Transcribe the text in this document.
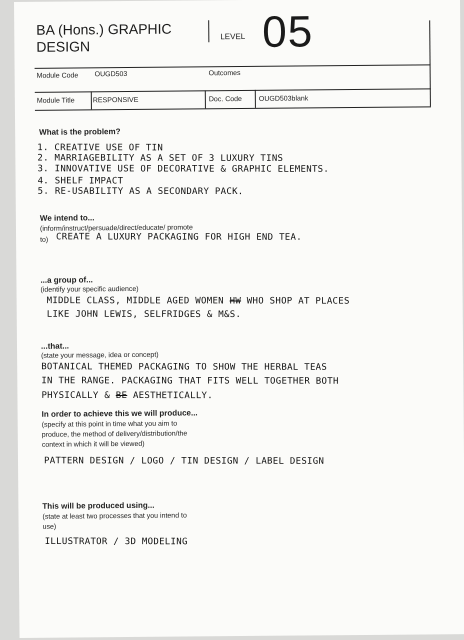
BA (Hons.) GRAPHIC
DESIGN
LEVEL 05
Module Code OUGD503	Outcomes
Module Title	RESPONSIVE	Doc. Code OUGD503blank
What is the problem?
1. CREATIVE USE OF TIN
2. MARRIAGEBILITY AS A SET OF 3 LUXURY TINS
3. INNOVATIVE USE OF DECORATIVE & GRAPHIC ELEMENTS.
4. SHELF IMPACT
5. RE-USABILITY AS A SECONDARY PACK.
We intend to...
(inform/instruct/persuade/direct/educate/ promote
to) CREATE A LUXURY PACKAGING FOR HIGH END TEA.
...a group of...
(identify your specific audience)
MIDDLE CLASS, MIDDLE AGED WOMEN HW WHO SHOP AT PLACES
LIKE JOHN LEWIS, SELFRIDGES & M&S.
...that...
(state your message, idea or concept)
BOTANICAL THEMED PACKAGING TO SHOW THE HERBAL TEAS
IN THE RANGE. PACKAGING THAT FITS WELL TOGETHER BOTH
PHYSICALLY & BE AESTHETICALLY.
In order to achieve this we will produce...
(specify at this point in time what you aim to
produce, the method of delivery/distribution/the
context in which it will be viewed)
PATTERN DESIGN / LOGO / TIN DESIGN / LABEL DESIGN
This will be produced using...
(state at least two processes that you intend to
use)
ILLUSTRATOR / 3D MODELING
